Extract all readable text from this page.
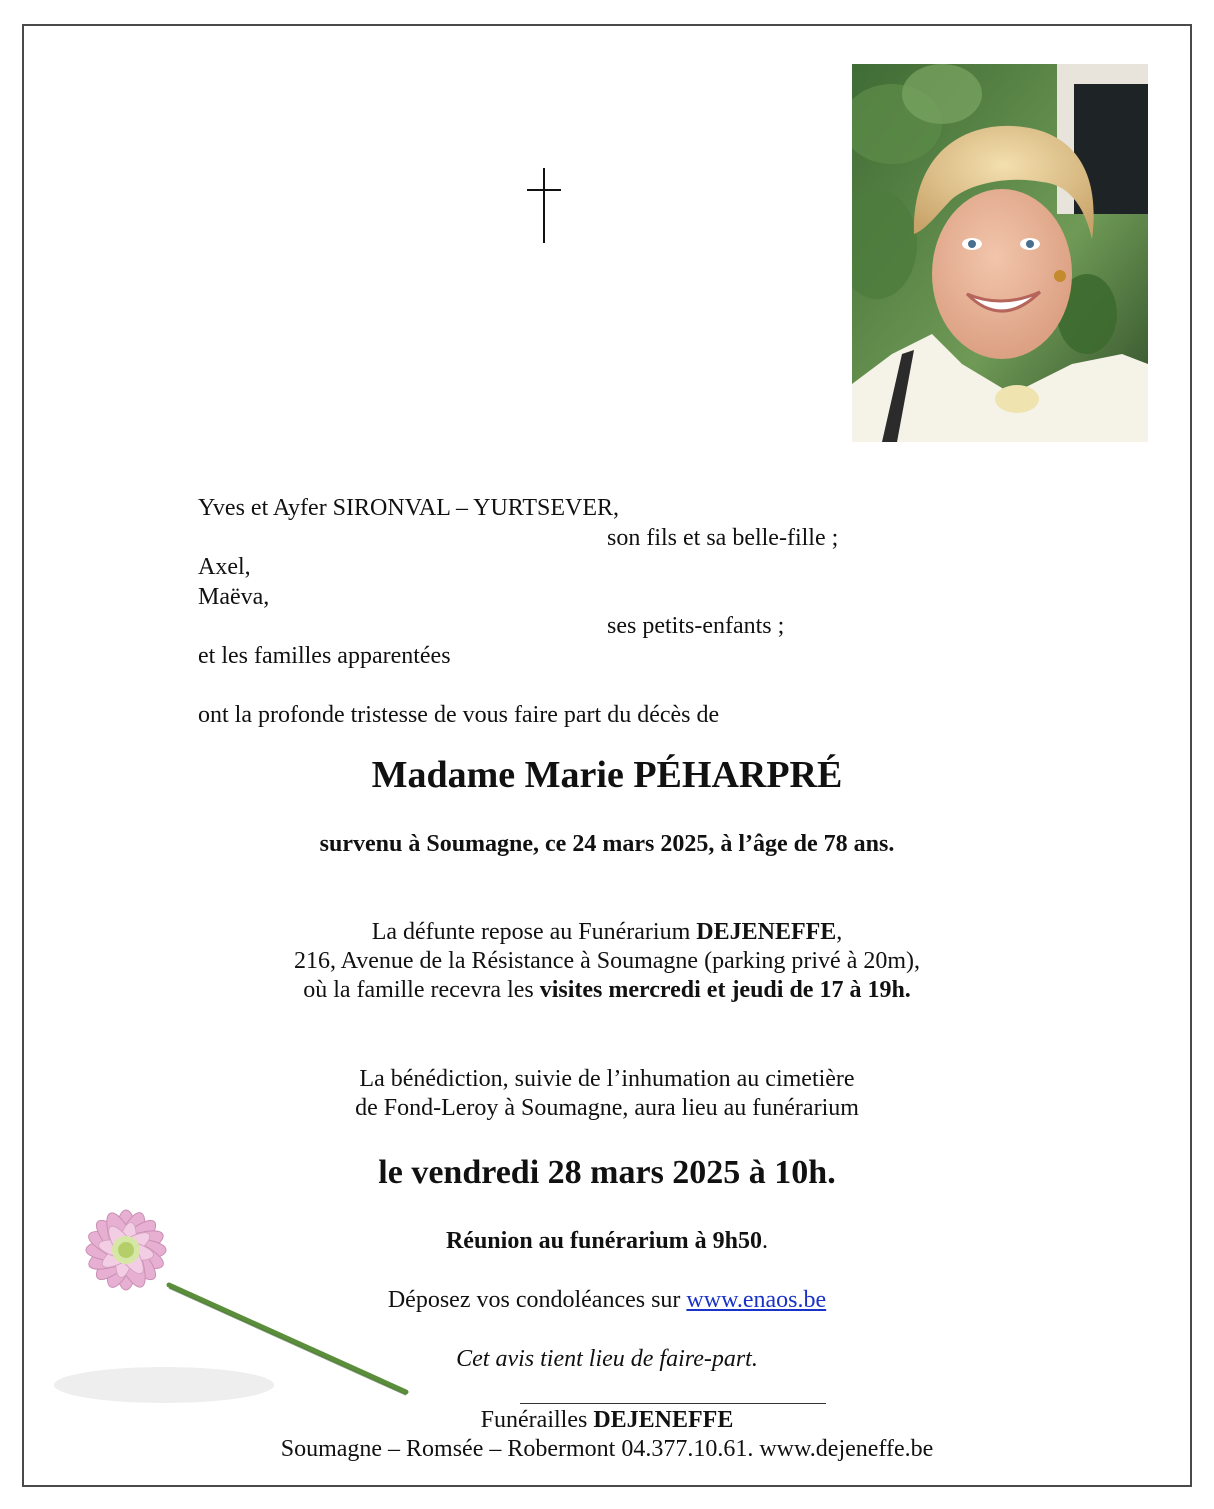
Yves et Ayfer SIRONVAL – YURTSEVER,
son fils et sa belle-fille ;
Axel,
Maëva,
ses petits-enfants ;
et les familles apparentées
ont la profonde tristesse de vous faire part du décès de
Madame Marie PÉHARPRÉ
survenu à Soumagne, ce 24 mars 2025, à l’âge de 78 ans.
La défunte repose au Funérarium DEJENEFFE,
216, Avenue de la Résistance à Soumagne (parking privé à 20m),
où la famille recevra les visites mercredi et jeudi de 17 à 19h.
La bénédiction, suivie de l’inhumation au cimetière
de Fond-Leroy à Soumagne, aura lieu au funérarium
le vendredi 28 mars 2025 à 10h.
Réunion au funérarium à 9h50.
Déposez vos condoléances sur www.enaos.be
Cet avis tient lieu de faire-part.
Funérailles DEJENEFFE
Soumagne – Romsée – Robermont 04.377.10.61. www.dejeneffe.be
